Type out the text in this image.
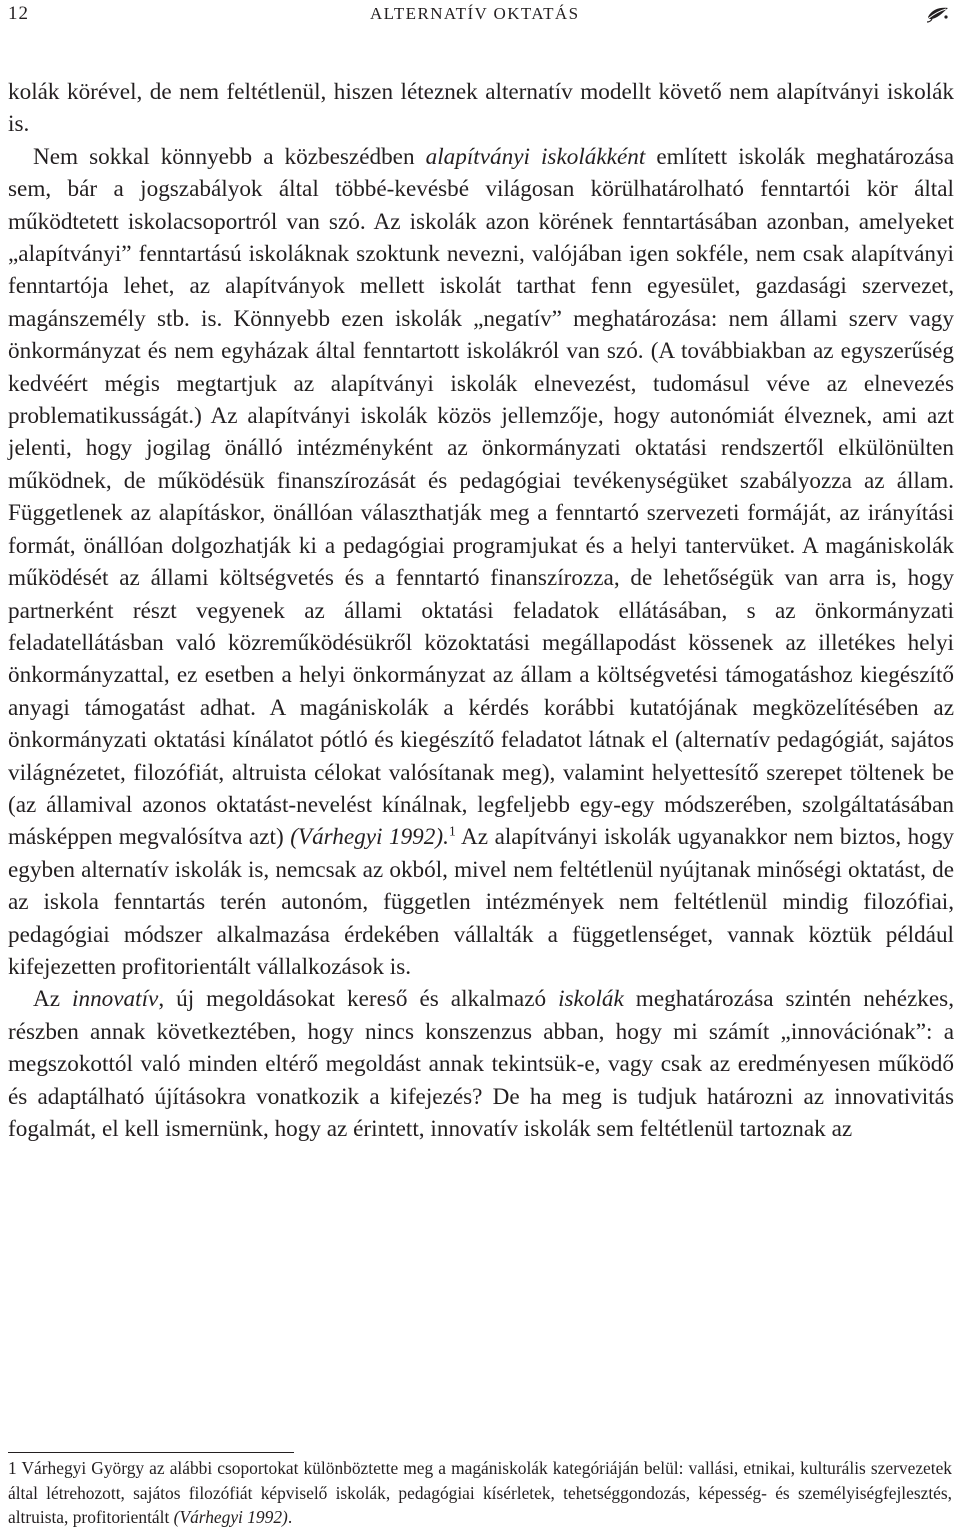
12	ALTERNATÍV OKTATÁS

kolák körével, de nem feltétlenül, hiszen léteznek alternatív modellt követő nem alapítványi iskolák is.

Nem sokkal könnyebb a közbeszédben alapítványi iskolákként említett iskolák meghatározása sem, bár a jogszabályok által többé-kevésbé világosan körülhatárolható fenntartói kör által működtetett iskolacsoportról van szó. Az iskolák azon körének fenntartásában azonban, amelyeket „alapítványi” fenntartású iskoláknak szoktunk nevezni, valójában igen sokféle, nem csak alapítványi fenntartója lehet, az alapítványok mellett iskolát tarthat fenn egyesület, gazdasági szervezet, magánszemély stb. is. Könnyebb ezen iskolák „negatív” meghatározása: nem állami szerv vagy önkormányzat és nem egyházak által fenntartott iskolákról van szó. (A továbbiakban az egyszerűség kedvéért mégis megtartjuk az alapítványi iskolák elnevezést, tudomásul véve az elnevezés problematikusságát.) Az alapítványi iskolák közös jellemzője, hogy autonómiát élveznek, ami azt jelenti, hogy jogilag önálló intézményként az önkormányzati oktatási rendszertől elkülönülten működnek, de működésük finanszírozását és pedagógiai tevékenységüket szabályozza az állam. Függetlenek az alapításkor, önállóan választhatják meg a fenntartó szervezeti formáját, az irányítási formát, önállóan dolgozhatják ki a pedagógiai programjukat és a helyi tantervüket. A magániskolák működését az állami költségvetés és a fenntartó finanszírozza, de lehetőségük van arra is, hogy partnerként részt vegyenek az állami oktatási feladatok ellátásában, s az önkormányzati feladatellátásban való közreműködésükről közoktatási megállapodást kössenek az illetékes helyi önkormányzattal, ez esetben a helyi önkormányzat az állam a költségvetési támogatáshoz kiegészítő anyagi támogatást adhat. A magániskolák a kérdés korábbi kutatójának megközelítésében az önkormányzati oktatási kínálatot pótló és kiegészítő feladatot látnak el (alternatív pedagógiát, sajátos világnézetet, filozófiát, altruista célokat valósítanak meg), valamint helyettesítő szerepet töltenek be (az államival azonos oktatást-nevelést kínálnak, legfeljebb egy-egy módszerében, szolgáltatásában másképpen megvalósítva azt) (Várhegyi 1992).$^1$ Az alapítványi iskolák ugyanakkor nem biztos, hogy egyben alternatív iskolák is, nemcsak az okból, mivel nem feltétlenül nyújtanak minőségi oktatást, de az iskola fenntartás terén autonóm, független intézmények nem feltétlenül mindig filozófiai, pedagógiai módszer alkalmazása érdekében vállalták a függetlenséget, vannak köztük például kifejezetten profitorientált vállalkozások is.

Az innovatív, új megoldásokat kereső és alkalmazó iskolák meghatározása szintén nehézkes, részben annak következtében, hogy nincs konszenzus abban, hogy mi számít „innovációnak”: a megszokottól való minden eltérő megoldást annak tekintsük-e, vagy csak az eredményesen működő és adaptálható újításokra vonatkozik a kifejezés? De ha meg is tudjuk határozni az innovativitás fogalmát, el kell ismernünk, hogy az érintett, innovatív iskolák sem feltétlenül tartoznak az

1 Várhegyi György az alábbi csoportokat különböztette meg a magániskolák kategóriáján belül: vallási, etnikai, kulturális szervezetek által létrehozott, sajátos filozófiát képviselő iskolák, pedagógiai kísérletek, tehetséggondozás, képesség- és személyiségfejlesztés, altruista, profitorientált (Várhegyi 1992).
